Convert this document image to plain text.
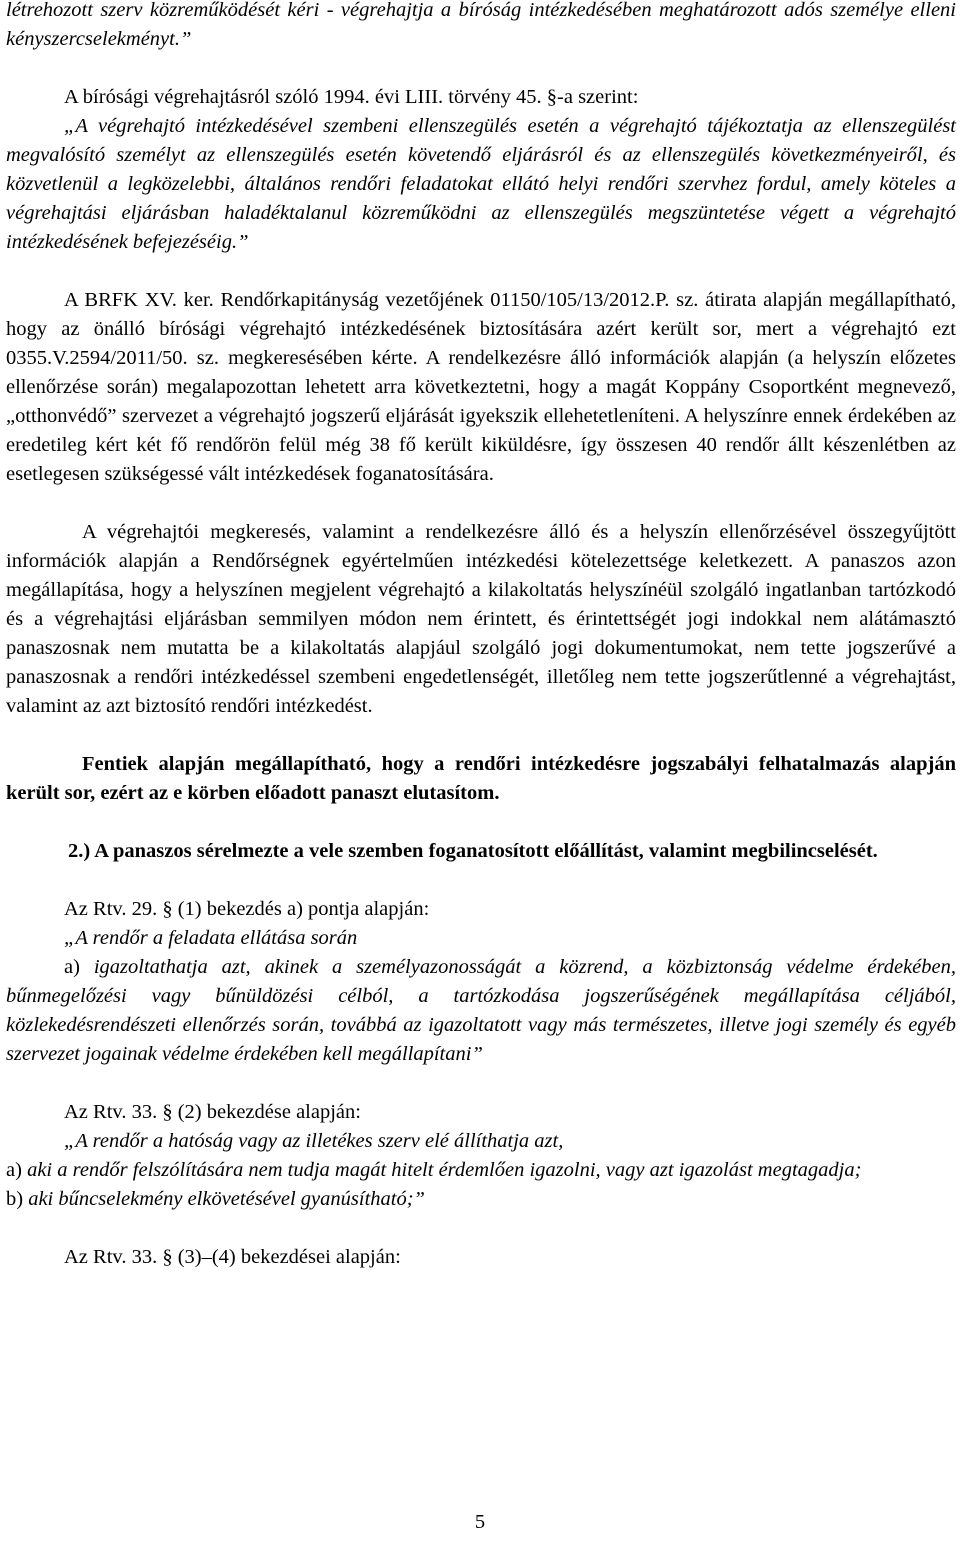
létrehozott szerv közreműködését kéri - végrehajtja a bíróság intézkedésében meghatározott adós személye elleni kényszercselekményt.”

A bírósági végrehajtásról szóló 1994. évi LIII. törvény 45. §-a szerint:

„A végrehajtó intézkedésével szembeni ellenszegülés esetén a végrehajtó tájékoztatja az ellenszegülést megvalósító személyt az ellenszegülés esetén követendő eljárásról és az ellenszegülés következményeiről, és közvetlenül a legközelebbi, általános rendőri feladatokat ellátó helyi rendőri szervhez fordul, amely köteles a végrehajtási eljárásban haladéktalanul közreműködni az ellenszegülés megszüntetése végett a végrehajtó intézkedésének befejezéséig.”

A BRFK XV. ker. Rendőrkapitányság vezetőjének 01150/105/13/2012.P. sz. átirata alapján megállapítható, hogy az önálló bírósági végrehajtó intézkedésének biztosítására azért került sor, mert a végrehajtó ezt 0355.V.2594/2011/50. sz. megkeresésében kérte. A rendelkezésre álló információk alapján (a helyszín előzetes ellenőrzése során) megalapozottan lehetett arra következtetni, hogy a magát Koppány Csoportként megnevező, „otthonvédő” szervezet a végrehajtó jogszerű eljárását igyekszik ellehetetleníteni. A helyszínre ennek érdekében az eredetileg kért két fő rendőrön felül még 38 fő került kiküldésre, így összesen 40 rendőr állt készenlétben az esetlegesen szükségessé vált intézkedések foganatosítására.

A végrehajtói megkeresés, valamint a rendelkezésre álló és a helyszín ellenőrzésével összegyűjtött információk alapján a Rendőrségnek egyértelműen intézkedési kötelezettsége keletkezett. A panaszos azon megállapítása, hogy a helyszínen megjelent végrehajtó a kilakoltatás helyszínéül szolgáló ingatlanban tartózkodó és a végrehajtási eljárásban semmilyen módon nem érintett, és érintettségét jogi indokkal nem alátámasztó panaszosnak nem mutatta be a kilakoltatás alapjául szolgáló jogi dokumentumokat, nem tette jogszerűvé a panaszosnak a rendőri intézkedéssel szembeni engedetlenségét, illetőleg nem tette jogszerűtlenné a végrehajtást, valamint az azt biztosító rendőri intézkedést.

Fentiek alapján megállapítható, hogy a rendőri intézkedésre jogszabályi felhatalmazás alapján került sor, ezért az e körben előadott panaszt elutasítom.

2.) A panaszos sérelmezte a vele szemben foganatosított előállítást, valamint megbilincselését.

Az Rtv. 29. § (1) bekezdés a) pontja alapján:

„A rendőr a feladata ellátása során

a) igazoltathatja azt, akinek a személyazonosságát a közrend, a közbiztonság védelme érdekében, bűnmegelőzési vagy bűnüldözési célból, a tartózkodása jogszerűségének megállapítása céljából, közlekedésrendészeti ellenőrzés során, továbbá az igazoltatott vagy más természetes, illetve jogi személy és egyéb szervezet jogainak védelme érdekében kell megállapítani”

Az Rtv. 33. § (2) bekezdése alapján:

„A rendőr a hatóság vagy az illetékes szerv elé állíthatja azt,

a) aki a rendőr felszólítására nem tudja magát hitelt érdemlően igazolni, vagy azt igazolást megtagadja;

b) aki bűncselekmény elkövetésével gyanúsítható;”

Az Rtv. 33. § (3)–(4) bekezdései alapján:

5
